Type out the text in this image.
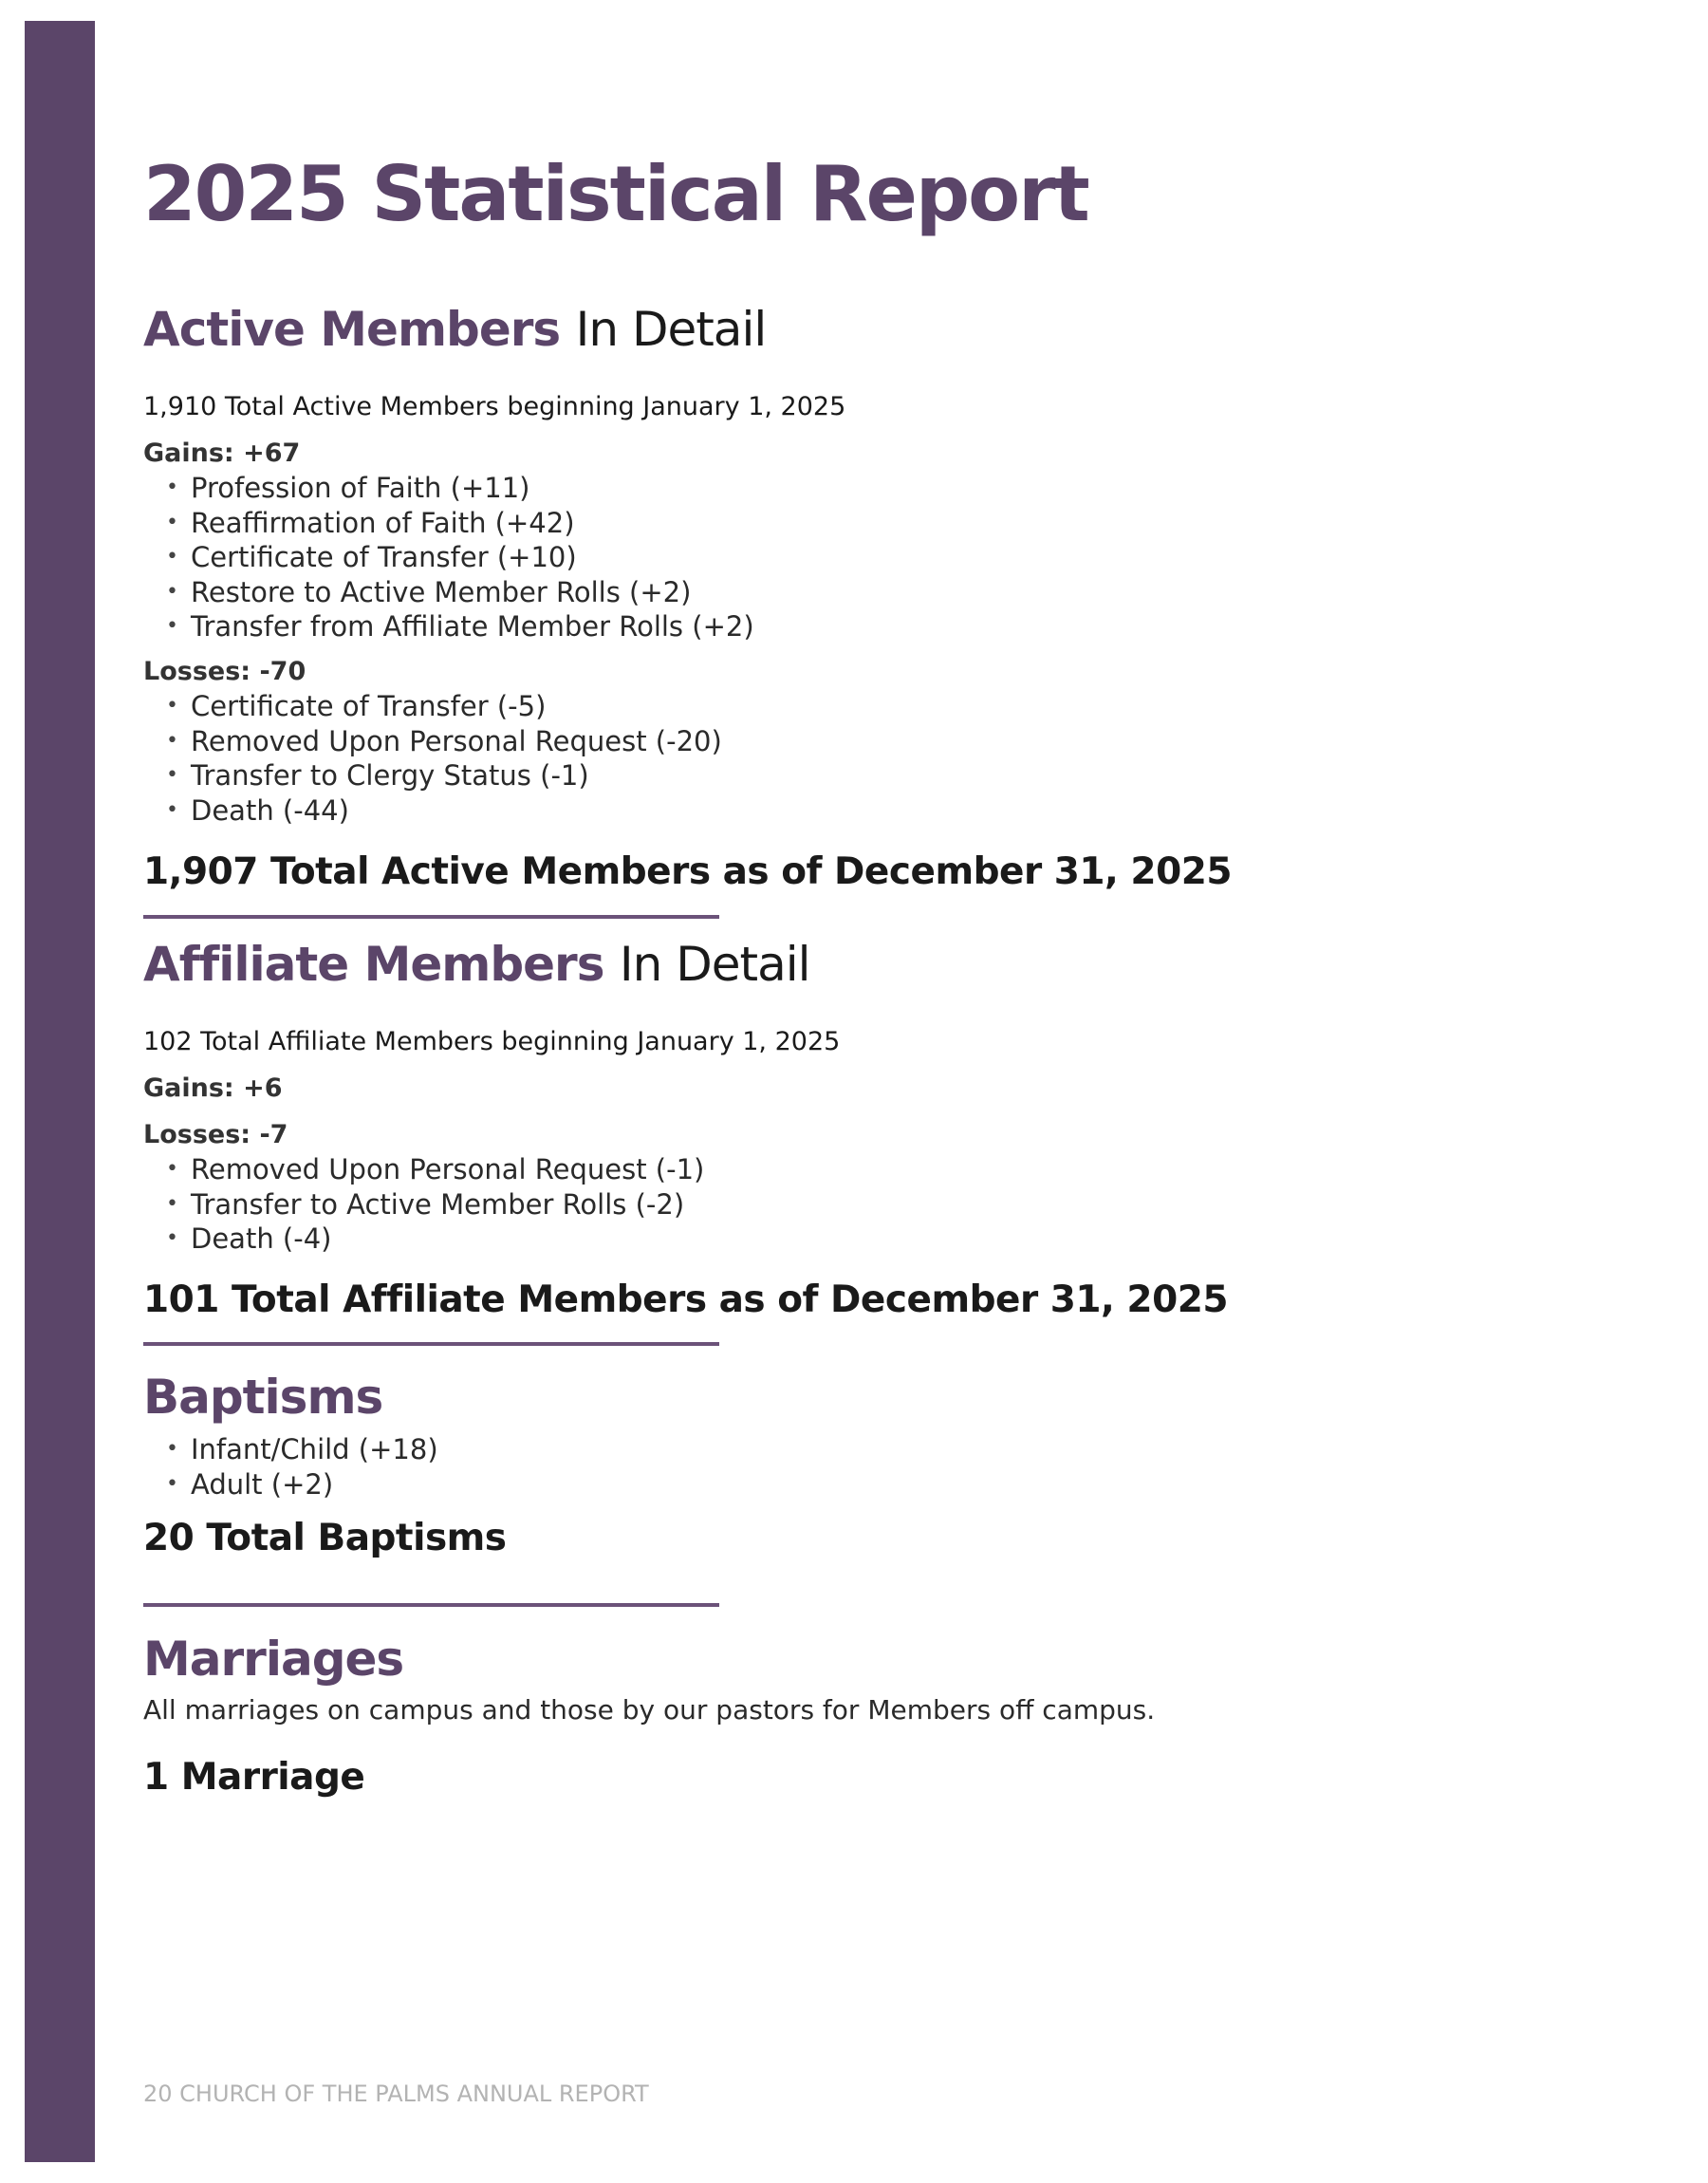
2025 Statistical Report
Active Members In Detail
1,910 Total Active Members beginning January 1, 2025
Gains: +67
• Profession of Faith (+11)
• Reaffirmation of Faith (+42)
• Certificate of Transfer (+10)
• Restore to Active Member Rolls (+2)
• Transfer from Affiliate Member Rolls (+2)
Losses: -70
• Certificate of Transfer (-5)
• Removed Upon Personal Request (-20)
• Transfer to Clergy Status (-1)
• Death (-44)
1,907 Total Active Members as of December 31, 2025
Affiliate Members In Detail
102 Total Affiliate Members beginning January 1, 2025
Gains: +6
Losses: -7
• Removed Upon Personal Request (-1)
• Transfer to Active Member Rolls (-2)
• Death (-4)
101 Total Affiliate Members as of December 31, 2025
Baptisms
• Infant/Child (+18)
• Adult (+2)
20 Total Baptisms
Marriages
All marriages on campus and those by our pastors for Members off campus.
1 Marriage
20 CHURCH OF THE PALMS ANNUAL REPORT
